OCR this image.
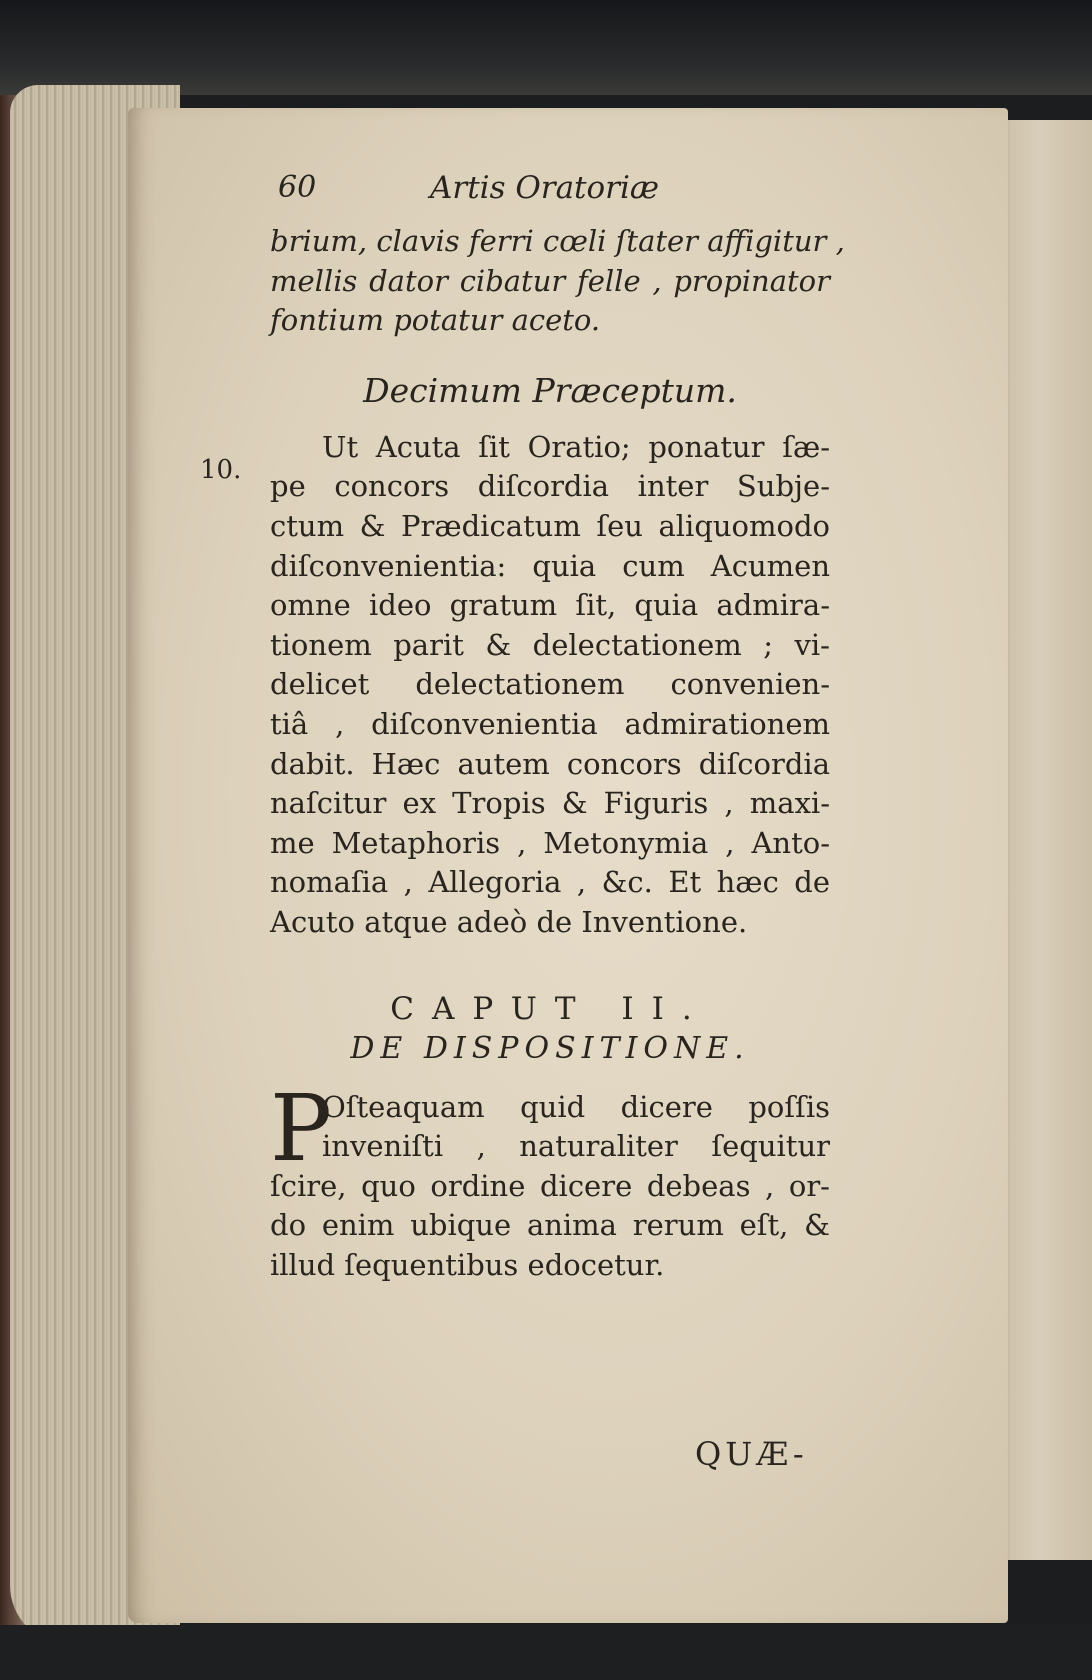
10.
60	Artis Oratoriæ
brium, clavis ferri cœli ſtater affigitur ,
mellis dator cibatur felle , propinator
fontium potatur aceto.
Decimum Præceptum.
Ut Acuta ſit Oratio; ponatur ſæ-
pe concors diſcordia inter Subje-
ctum & Prædicatum ſeu aliquomodo
diſconvenientia: quia cum Acumen
omne ideo gratum ſit, quia admira-
tionem parit & delectationem ; vi-
delicet delectationem convenien-
tiâ , diſconvenientia admirationem
dabit. Hæc autem concors diſcordia
naſcitur ex Tropis & Figuris , maxi-
me Metaphoris , Metonymia , Anto-
nomaſia , Allegoria , &c. Et hæc de
Acuto atque adeò de Inventione.
CAPUT II.
DE DISPOSITIONE.
P
Oſteaquam quid dicere poſſis
inveniſti , naturaliter ſequitur
ſcire, quo ordine dicere debeas , or-
do enim ubique anima rerum eſt, &
illud ſequentibus edocetur.
QUÆ-
